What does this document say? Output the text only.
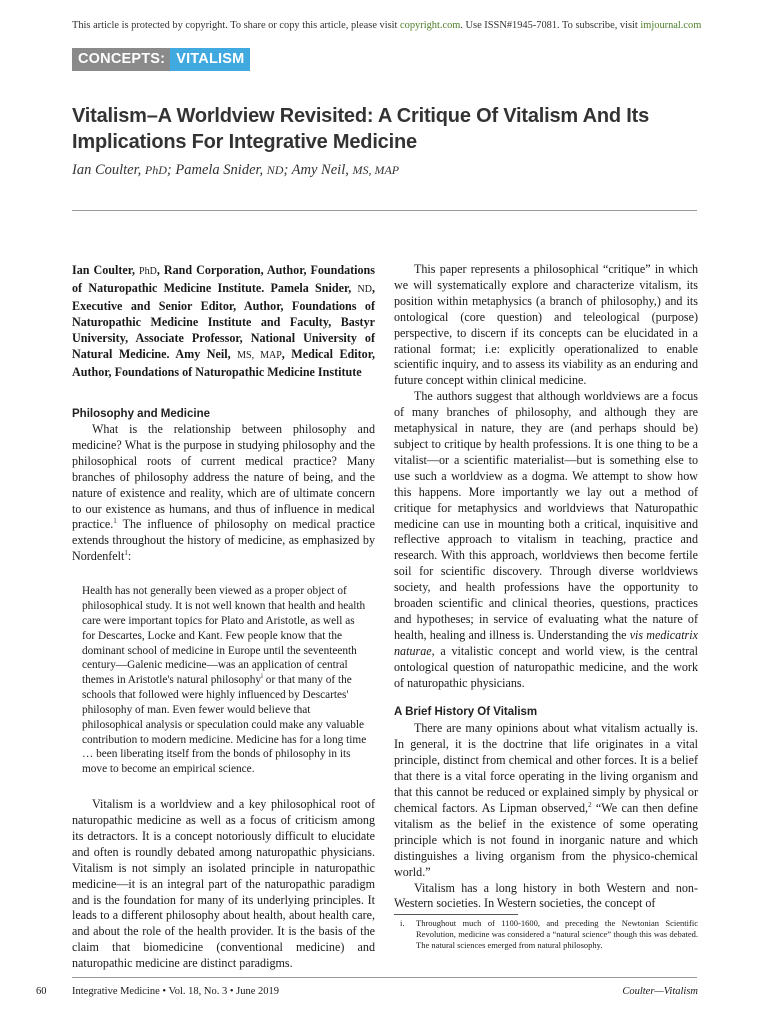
This article is protected by copyright. To share or copy this article, please visit copyright.com. Use ISSN#1945-7081. To subscribe, visit imjournal.com
CONCEPTS: VITALISM
Vitalism–A Worldview Revisited: A Critique Of Vitalism And Its Implications For Integrative Medicine
Ian Coulter, PhD; Pamela Snider, ND; Amy Neil, MS, MAP

Ian Coulter, PhD, Rand Corporation, Author, Foundations of Naturopathic Medicine Institute. Pamela Snider, ND, Executive and Senior Editor, Author, Foundations of Naturopathic Medicine Institute and Faculty, Bastyr University, Associate Professor, National University of Natural Medicine. Amy Neil, MS, MAP, Medical Editor, Author, Foundations of Naturopathic Medicine Institute

Philosophy and Medicine

What is the relationship between philosophy and medicine? What is the purpose in studying philosophy and the philosophical roots of current medical practice? Many branches of philosophy address the nature of being, and the nature of existence and reality, which are of ultimate concern to our existence as humans, and thus of influence in medical practice.$^1$ The influence of philosophy on medical practice extends throughout the history of medicine, as emphasized by Nordenfelt$^1$:

Health has not generally been viewed as a proper object of philosophical study. It is not well known that health and health care were important topics for Plato and Aristotle, as well as for Descartes, Locke and Kant. Few people know that the dominant school of medicine in Europe until the seventeenth century—Galenic medicine—was an application of central themes in Aristotle's natural philosophy$^i$ or that many of the schools that followed were highly influenced by Descartes' philosophy of man. Even fewer would believe that philosophical analysis or speculation could make any valuable contribution to modern medicine. Medicine has for a long time … been liberating itself from the bonds of philosophy in its move to become an empirical science.

Vitalism is a worldview and a key philosophical root of naturopathic medicine as well as a focus of criticism among its detractors. It is a concept notoriously difficult to elucidate and often is roundly debated among naturopathic physicians. Vitalism is not simply an isolated principle in naturopathic medicine—it is an integral part of the naturopathic paradigm and is the foundation for many of its underlying principles. It leads to a different philosophy about health, about health care, and about the role of the health provider. It is the basis of the claim that biomedicine (conventional medicine) and naturopathic medicine are distinct paradigms.

This paper represents a philosophical “critique” in which we will systematically explore and characterize vitalism, its position within metaphysics (a branch of philosophy,) and its ontological (core question) and teleological (purpose) perspective, to discern if its concepts can be elucidated in a rational format; i.e: explicitly operationalized to enable scientific inquiry, and to assess its viability as an enduring and future concept within clinical medicine.

The authors suggest that although worldviews are a focus of many branches of philosophy, and although they are metaphysical in nature, they are (and perhaps should be) subject to critique by health professions. It is one thing to be a vitalist—or a scientific materialist—but is something else to use such a worldview as a dogma. We attempt to show how this happens. More importantly we lay out a method of critique for metaphysics and worldviews that Naturopathic medicine can use in mounting both a critical, inquisitive and reflective approach to vitalism in teaching, practice and research. With this approach, worldviews then become fertile soil for scientific discovery. Through diverse worldviews society, and health professions have the opportunity to broaden scientific and clinical theories, questions, practices and hypotheses; in service of evaluating what the nature of health, healing and illness is. Understanding the vis medicatrix naturae, a vitalistic concept and world view, is the central ontological question of naturopathic medicine, and the work of naturopathic physicians.

A Brief History Of Vitalism

There are many opinions about what vitalism actually is. In general, it is the doctrine that life originates in a vital principle, distinct from chemical and other forces. It is a belief that there is a vital force operating in the living organism and that this cannot be reduced or explained simply by physical or chemical factors. As Lipman observed,$^2$ “We can then define vitalism as the belief in the existence of some operating principle which is not found in inorganic nature and which distinguishes a living organism from the physico-chemical world.”

Vitalism has a long history in both Western and non-Western societies. In Western societies, the concept of

i.	Throughout much of 1100-1600, and preceding the Newtonian Scientific Revolution, medicine was considered a “natural science” though this was debated. The natural sciences emerged from natural philosophy.
60 Integrative Medicine • Vol. 18, No. 3 • June 2019	Coulter—Vitalism
